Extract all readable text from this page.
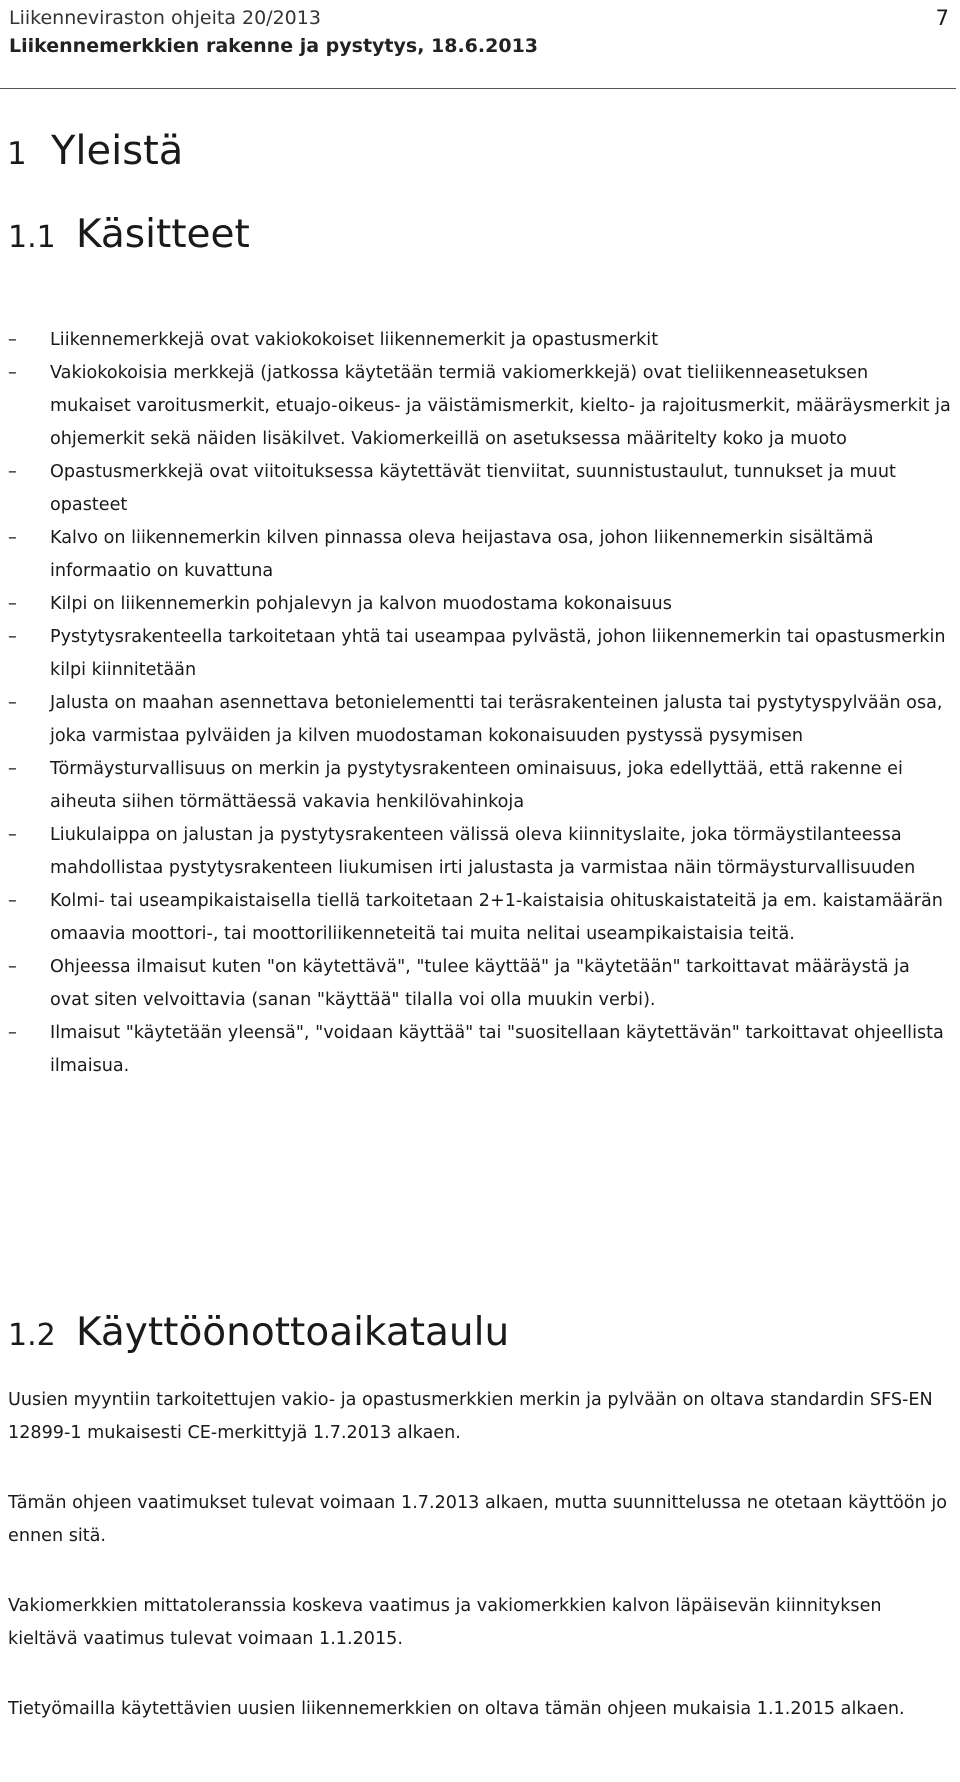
Liikenneviraston ohjeita 20/2013
Liikennemerkkien rakenne ja pystytys, 18.6.2013
7
1 Yleistä
1.1 Käsitteet
–	Liikennemerkkejä ovat vakiokokoiset liikennemerkit ja opastusmerkit
–	Vakiokokoisia merkkejä (jatkossa käytetään termiä vakiomerkkejä) ovat tieliikenneasetuksen mukaiset varoitusmerkit, etuajo-oikeus- ja väistämismerkit, kielto- ja rajoitusmerkit, määräysmerkit ja ohjemerkit sekä näiden lisäkilvet. Vakiomerkeillä on asetuksessa määritelty koko ja muoto
–	Opastusmerkkejä ovat viitoituksessa käytettävät tienviitat, suunnistustaulut, tunnukset ja muut opasteet
–	Kalvo on liikennemerkin kilven pinnassa oleva heijastava osa, johon liikennemerkin sisältämä informaatio on kuvattuna
–	Kilpi on liikennemerkin pohjalevyn ja kalvon muodostama kokonaisuus
–	Pystytysrakenteella tarkoitetaan yhtä tai useampaa pylvästä, johon liikennemerkin tai opastusmerkin kilpi kiinnitetään
–	Jalusta on maahan asennettava betonielementti tai teräsrakenteinen jalusta tai pystytyspylvään osa, joka varmistaa pylväiden ja kilven muodostaman kokonaisuuden pystyssä pysymisen
–	Törmäysturvallisuus on merkin ja pystytysrakenteen ominaisuus, joka edellyttää, että rakenne ei aiheuta siihen törmättäessä vakavia henkilövahinkoja
–	Liukulaippa on jalustan ja pystytysrakenteen välissä oleva kiinnityslaite, joka törmäystilanteessa mahdollistaa pystytysrakenteen liukumisen irti jalustasta ja varmistaa näin törmäysturvallisuuden
–	Kolmi- tai useampikaistaisella tiellä tarkoitetaan 2+1-kaistaisia ohituskaistateitä ja em. kaistamäärän omaavia moottori-, tai moottoriliikenneteitä tai muita nelitai useampikaistaisia teitä.
–	Ohjeessa ilmaisut kuten "on käytettävä", "tulee käyttää" ja "käytetään" tarkoittavat määräystä ja ovat siten velvoittavia (sanan "käyttää" tilalla voi olla muukin verbi).
–	Ilmaisut "käytetään yleensä", "voidaan käyttää" tai "suositellaan käytettävän" tarkoittavat ohjeellista ilmaisua.
1.2 Käyttöönottoaikataulu

Uusien myyntiin tarkoitettujen vakio- ja opastusmerkkien merkin ja pylvään on oltava standardin SFS-EN 12899-1 mukaisesti CE-merkittyjä 1.7.2013 alkaen.

Tämän ohjeen vaatimukset tulevat voimaan 1.7.2013 alkaen, mutta suunnittelussa ne otetaan käyttöön jo ennen sitä.

Vakiomerkkien mittatoleranssia koskeva vaatimus ja vakiomerkkien kalvon läpäisevän kiinnityksen kieltävä vaatimus tulevat voimaan 1.1.2015.

Tietyömailla käytettävien uusien liikennemerkkien on oltava tämän ohjeen mukaisia 1.1.2015 alkaen.
